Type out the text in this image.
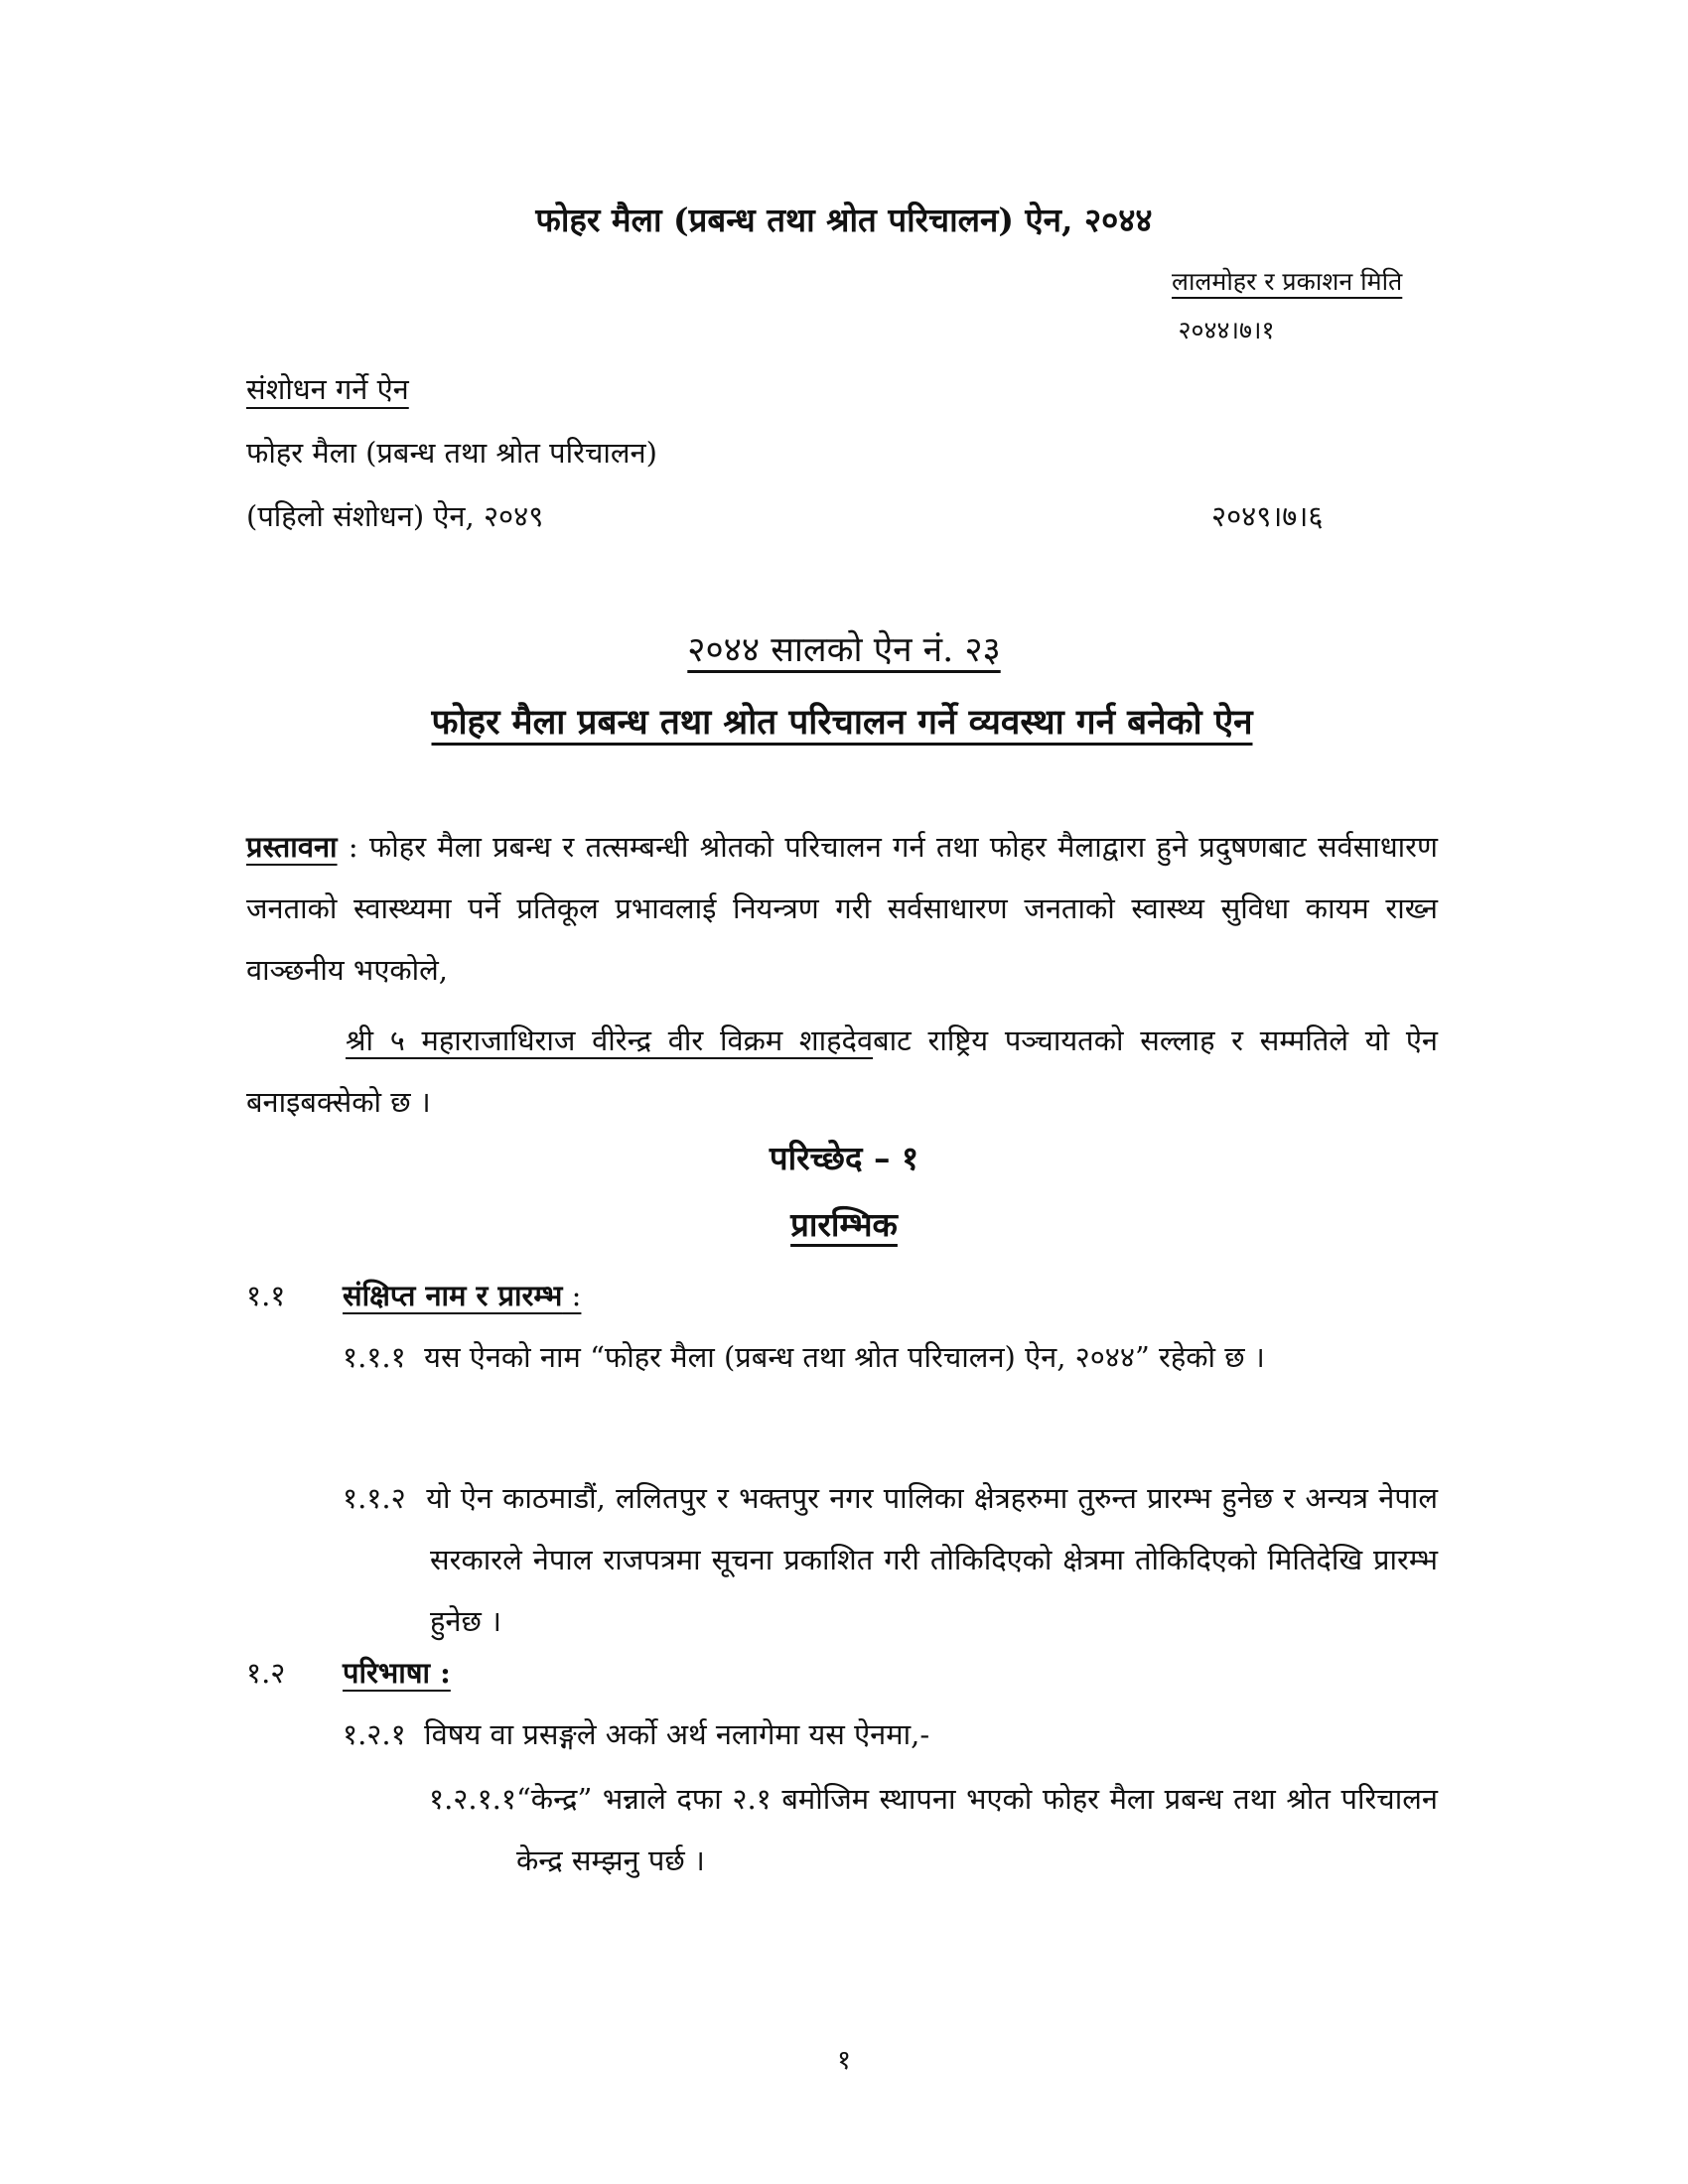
फोहर मैला (प्रबन्ध तथा श्रोत परिचालन) ऐन, २०४४
लालमोहर र प्रकाशन मिति
२०४४।७।१
संशोधन गर्ने ऐन
फोहर मैला (प्रबन्ध तथा श्रोत परिचालन)
(पहिलो संशोधन) ऐन, २०४९	२०४९।७।६
२०४४ सालको ऐन नं. २३
फोहर मैला प्रबन्ध तथा श्रोत परिचालन गर्ने व्यवस्था गर्न बनेको ऐन
प्रस्तावना : फोहर मैला प्रबन्ध र तत्सम्बन्धी श्रोतको परिचालन गर्न तथा फोहर मैलाद्वारा हुने प्रदुषणबाट सर्वसाधारण जनताको स्वास्थ्यमा पर्ने प्रतिकूल प्रभावलाई नियन्त्रण गरी सर्वसाधारण जनताको स्वास्थ्य सुविधा कायम राख्न वाञ्छनीय भएकोले,
श्री ५ महाराजाधिराज वीरेन्द्र वीर विक्रम शाहदेवबाट राष्ट्रिय पञ्चायतको सल्लाह र सम्मतिले यो ऐन बनाइबक्सेको छ ।
परिच्छेद – १
प्रारम्भिक
१.१ संक्षिप्त नाम र प्रारम्भ :
१.१.१ यस ऐनको नाम “फोहर मैला (प्रबन्ध तथा श्रोत परिचालन) ऐन, २०४४” रहेको छ ।
१.१.२ यो ऐन काठमाडौं, ललितपुर र भक्तपुर नगर पालिका क्षेत्रहरुमा तुरुन्त प्रारम्भ हुनेछ र अन्यत्र नेपाल सरकारले नेपाल राजपत्रमा सूचना प्रकाशित गरी तोकिदिएको क्षेत्रमा तोकिदिएको मितिदेखि प्रारम्भ हुनेछ ।
१.२ परिभाषा :
१.२.१ विषय वा प्रसङ्गले अर्को अर्थ नलागेमा यस ऐनमा,-
१.२.१.१“केन्द्र” भन्नाले दफा २.१ बमोजिम स्थापना भएको फोहर मैला प्रबन्ध तथा श्रोत परिचालन केन्द्र सम्झनु पर्छ ।
१
